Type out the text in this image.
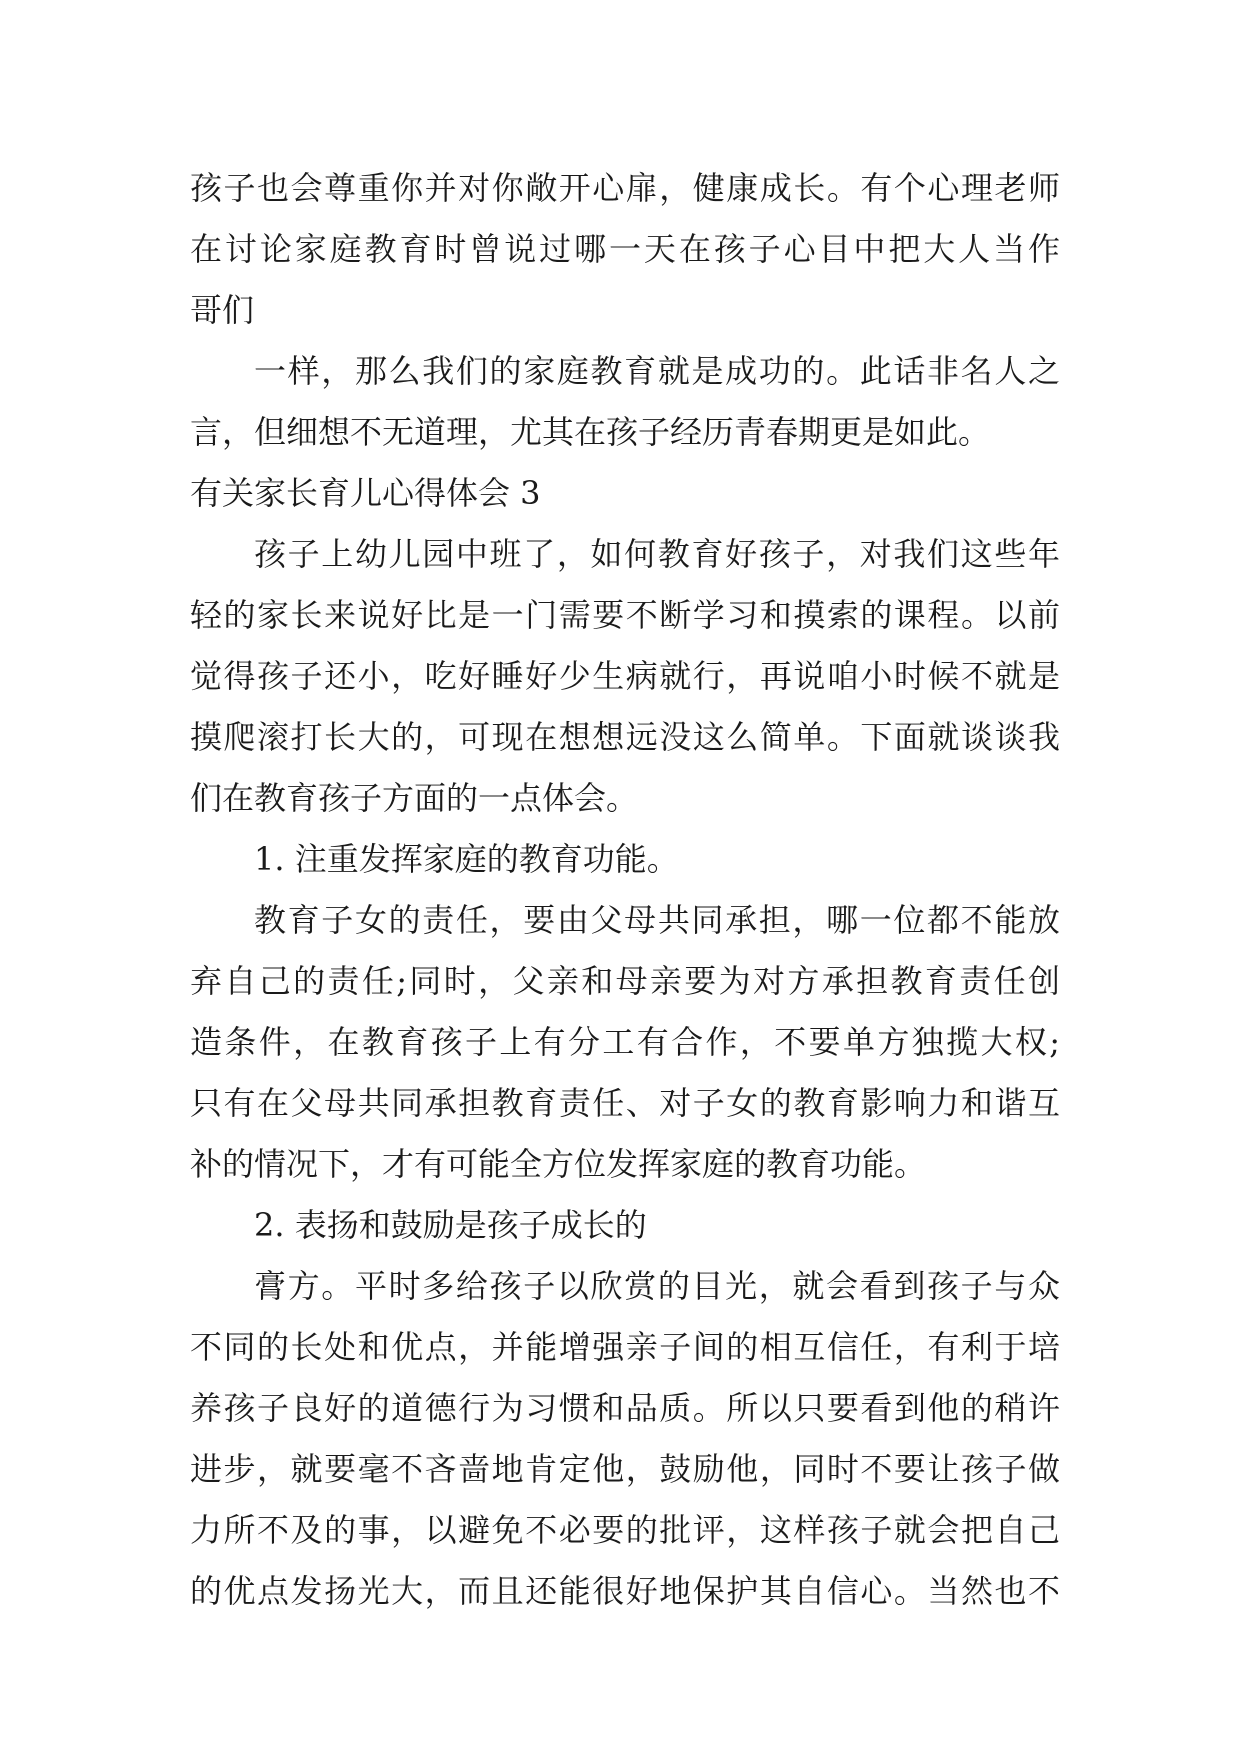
孩子也会尊重你并对你敞开心扉，健康成长。有个心理老师
在讨论家庭教育时曾说过哪一天在孩子心目中把大人当作
哥们
一样，那么我们的家庭教育就是成功的。此话非名人之
言，但细想不无道理，尤其在孩子经历青春期更是如此。
有关家长育儿心得体会 3
孩子上幼儿园中班了，如何教育好孩子，对我们这些年
轻的家长来说好比是一门需要不断学习和摸索的课程。以前
觉得孩子还小，吃好睡好少生病就行，再说咱小时候不就是
摸爬滚打长大的，可现在想想远没这么简单。下面就谈谈我
们在教育孩子方面的一点体会。
1. 注重发挥家庭的教育功能。
教育子女的责任，要由父母共同承担，哪一位都不能放
弃自己的责任;同时，父亲和母亲要为对方承担教育责任创
造条件，在教育孩子上有分工有合作，不要单方独揽大权;
只有在父母共同承担教育责任、对子女的教育影响力和谐互
补的情况下，才有可能全方位发挥家庭的教育功能。
2. 表扬和鼓励是孩子成长的
膏方。平时多给孩子以欣赏的目光，就会看到孩子与众
不同的长处和优点，并能增强亲子间的相互信任，有利于培
养孩子良好的道德行为习惯和品质。所以只要看到他的稍许
进步，就要毫不吝啬地肯定他，鼓励他，同时不要让孩子做
力所不及的事，以避免不必要的批评，这样孩子就会把自己
的优点发扬光大，而且还能很好地保护其自信心。当然也不
